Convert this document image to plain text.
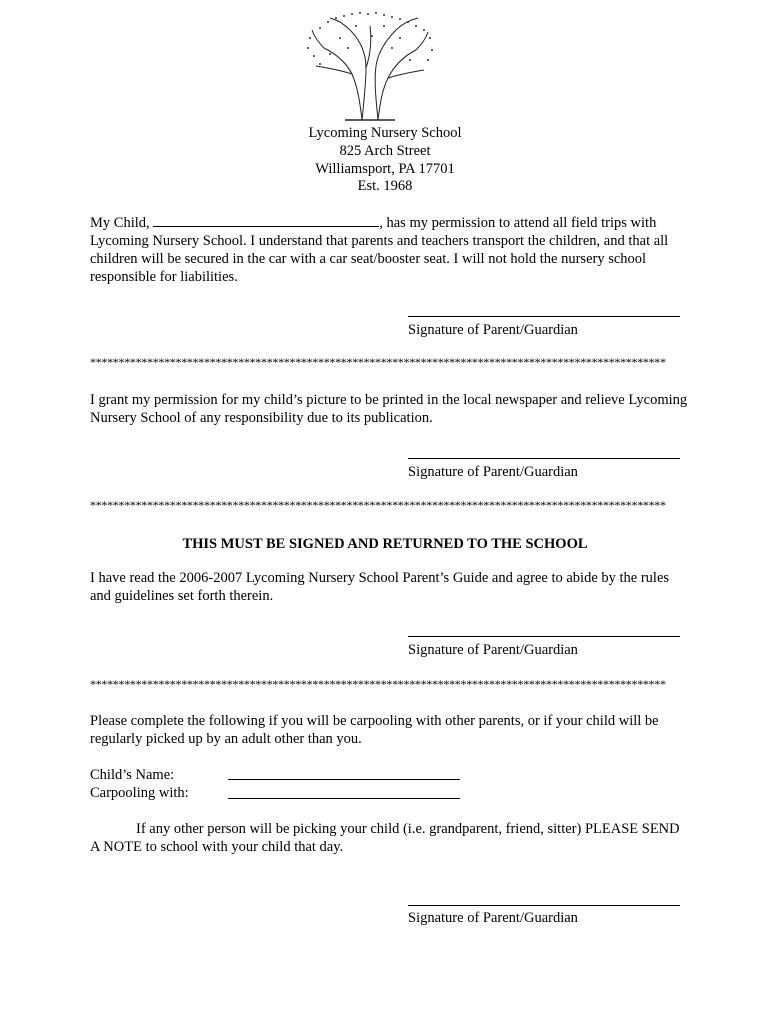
Lycoming Nursery School
825 Arch Street
Williamsport, PA 17701
Est. 1968
My Child,	, has my permission to attend all field trips with Lycoming Nursery School. I understand that parents and teachers transport the children, and that all children will be secured in the car with a car seat/booster seat. I will not hold the nursery school responsible for liabilities.
Signature of Parent/Guardian
*****************************************************************************************************
I grant my permission for my child’s picture to be printed in the local newspaper and relieve Lycoming Nursery School of any responsibility due to its publication.
Signature of Parent/Guardian
*****************************************************************************************************
THIS MUST BE SIGNED AND RETURNED TO THE SCHOOL
I have read the 2006-2007 Lycoming Nursery School Parent’s Guide and agree to abide by the rules and guidelines set forth therein.
Signature of Parent/Guardian
*****************************************************************************************************
Please complete the following if you will be carpooling with other parents, or if your child will be regularly picked up by an adult other than you.
Child’s Name:
Carpooling with:
If any other person will be picking your child (i.e. grandparent, friend, sitter) PLEASE SEND A NOTE to school with your child that day.
Signature of Parent/Guardian
